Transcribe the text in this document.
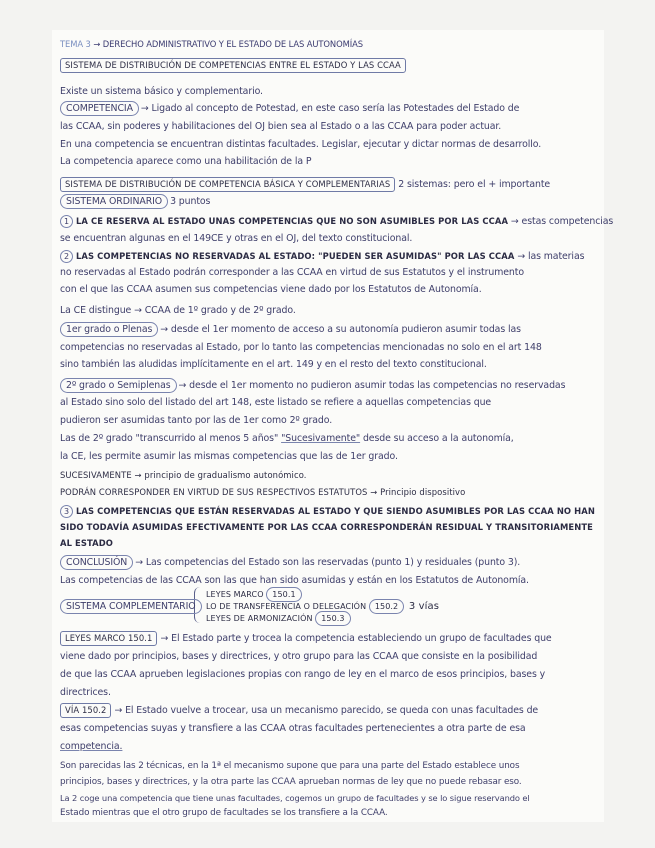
TEMA 3 → DERECHO ADMINISTRATIVO Y EL ESTADO DE LAS AUTONOMÍAS
SISTEMA DE DISTRIBUCIÓN DE COMPETENCIAS ENTRE EL ESTADO Y LAS CCAA
Existe un sistema básico y complementario.
COMPETENCIA → Ligado al concepto de Potestad, en este caso sería las Potestades del Estado de
las CCAA, sin poderes y habilitaciones del OJ bien sea al Estado o a las CCAA para poder actuar.
En una competencia se encuentran distintas facultades. Legislar, ejecutar y dictar normas de desarrollo.
La competencia aparece como una habilitación de la P
SISTEMA DE DISTRIBUCIÓN DE COMPETENCIA BÁSICA Y COMPLEMENTARIAS 2 sistemas: pero el + importante
SISTEMA ORDINARIO 3 puntos
1 LA CE RESERVA AL ESTADO UNAS COMPETENCIAS QUE NO SON ASUMIBLES POR LAS CCAA → estas competencias
se encuentran algunas en el 149CE y otras en el OJ, del texto constitucional.
2 LAS COMPETENCIAS NO RESERVADAS AL ESTADO: "PUEDEN SER ASUMIDAS" POR LAS CCAA → las materias
no reservadas al Estado podrán corresponder a las CCAA en virtud de sus Estatutos y el instrumento
con el que las CCAA asumen sus competencias viene dado por los Estatutos de Autonomía.
La CE distingue → CCAA de 1º grado y de 2º grado.
1er grado o Plenas → desde el 1er momento de acceso a su autonomía pudieron asumir todas las
competencias no reservadas al Estado, por lo tanto las competencias mencionadas no solo en el art 148
sino también las aludidas implícitamente en el art. 149 y en el resto del texto constitucional.
2º grado o Semiplenas → desde el 1er momento no pudieron asumir todas las competencias no reservadas
al Estado sino solo del listado del art 148, este listado se refiere a aquellas competencias que
pudieron ser asumidas tanto por las de 1er como 2º grado.
Las de 2º grado "transcurrido al menos 5 años" "Sucesivamente" desde su acceso a la autonomía,
la CE, les permite asumir las mismas competencias que las de 1er grado.
SUCESIVAMENTE → principio de gradualismo autonómico.
PODRÁN CORRESPONDER EN VIRTUD DE SUS RESPECTIVOS ESTATUTOS → Principio dispositivo
3 LAS COMPETENCIAS QUE ESTÁN RESERVADAS AL ESTADO Y QUE SIENDO ASUMIBLES POR LAS CCAA NO HAN
SIDO TODAVÍA ASUMIDAS EFECTIVAMENTE POR LAS CCAA CORRESPONDERÁN RESIDUAL Y TRANSITORIAMENTE
AL ESTADO
CONCLUSIÓN → Las competencias del Estado son las reservadas (punto 1) y residuales (punto 3).
Las competencias de las CCAA son las que han sido asumidas y están en los Estatutos de Autonomía.
LEYES MARCO 150.1
SISTEMA COMPLEMENTARIO	LO DE TRANSFERENCIA O DELEGACIÓN 150.2 3 vías
LEYES DE ARMONIZACIÓN 150.3
LEYES MARCO 150.1 → El Estado parte y trocea la competencia estableciendo un grupo de facultades que
viene dado por principios, bases y directrices, y otro grupo para las CCAA que consiste en la posibilidad
de que las CCAA aprueben legislaciones propias con rango de ley en el marco de esos principios, bases y
directrices.
VÍA 150.2 → El Estado vuelve a trocear, usa un mecanismo parecido, se queda con unas facultades de
esas competencias suyas y transfiere a las CCAA otras facultades pertenecientes a otra parte de esa
competencia.
Son parecidas las 2 técnicas, en la 1ª el mecanismo supone que para una parte del Estado establece unos
principios, bases y directrices, y la otra parte las CCAA aprueban normas de ley que no puede rebasar eso.
La 2 coge una competencia que tiene unas facultades, cogemos un grupo de facultades y se lo sigue reservando el
Estado mientras que el otro grupo de facultades se los transfiere a la CCAA.
